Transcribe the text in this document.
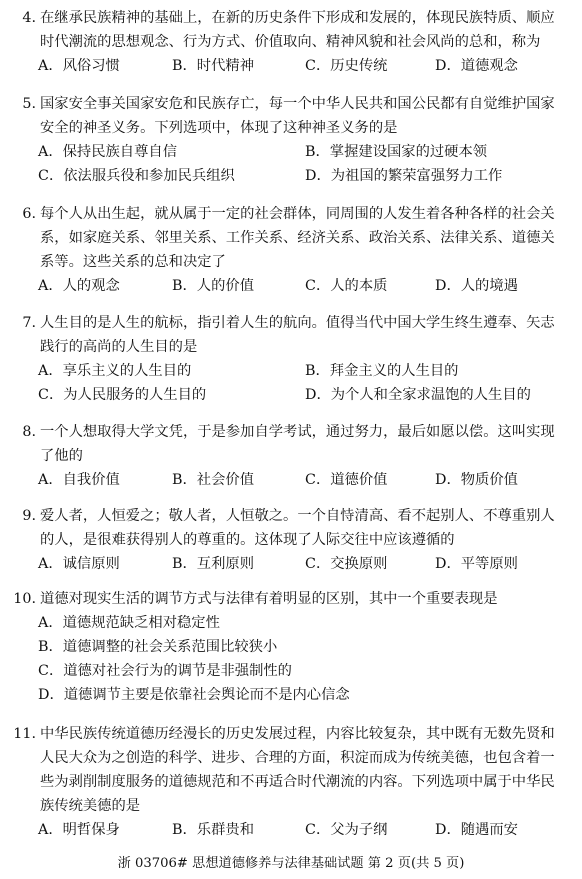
4. 在继承民族精神的基础上，在新的历史条件下形成和发展的，体现民族特质、顺应
时代潮流的思想观念、行为方式、价值取向、精神风貌和社会风尚的总和，称为
A．风俗习惯	B．时代精神	C．历史传统	D．道德观念
5. 国家安全事关国家安危和民族存亡，每一个中华人民共和国公民都有自觉维护国家
安全的神圣义务。下列选项中，体现了这种神圣义务的是
A．保持民族自尊自信	B．掌握建设国家的过硬本领
C．依法服兵役和参加民兵组织	D．为祖国的繁荣富强努力工作
6. 每个人从出生起，就从属于一定的社会群体，同周围的人发生着各种各样的社会关
系，如家庭关系、邻里关系、工作关系、经济关系、政治关系、法律关系、道德关
系等。这些关系的总和决定了
A．人的观念	B．人的价值	C．人的本质	D．人的境遇
7. 人生目的是人生的航标，指引着人生的航向。值得当代中国大学生终生遵奉、矢志
践行的高尚的人生目的是
A．享乐主义的人生目的	B．拜金主义的人生目的
C．为人民服务的人生目的	D．为个人和全家求温饱的人生目的
8. 一个人想取得大学文凭，于是参加自学考试，通过努力，最后如愿以偿。这叫实现
了他的
A．自我价值	B．社会价值	C．道德价值	D．物质价值
9. 爱人者，人恒爱之；敬人者，人恒敬之。一个自恃清高、看不起别人、不尊重别人
的人，是很难获得别人的尊重的。这体现了人际交往中应该遵循的
A．诚信原则	B．互利原则	C．交换原则	D．平等原则
10. 道德对现实生活的调节方式与法律有着明显的区别，其中一个重要表现是
A．道德规范缺乏相对稳定性
B．道德调整的社会关系范围比较狭小
C．道德对社会行为的调节是非强制性的
D．道德调节主要是依靠社会舆论而不是内心信念
11. 中华民族传统道德历经漫长的历史发展过程，内容比较复杂，其中既有无数先贤和
人民大众为之创造的科学、进步、合理的方面，积淀而成为传统美德，也包含着一
些为剥削制度服务的道德规范和不再适合时代潮流的内容。下列选项中属于中华民
族传统美德的是
A．明哲保身	B．乐群贵和	C．父为子纲	D．随遇而安
浙 03706# 思想道德修养与法律基础试题 第 2 页(共 5 页)
